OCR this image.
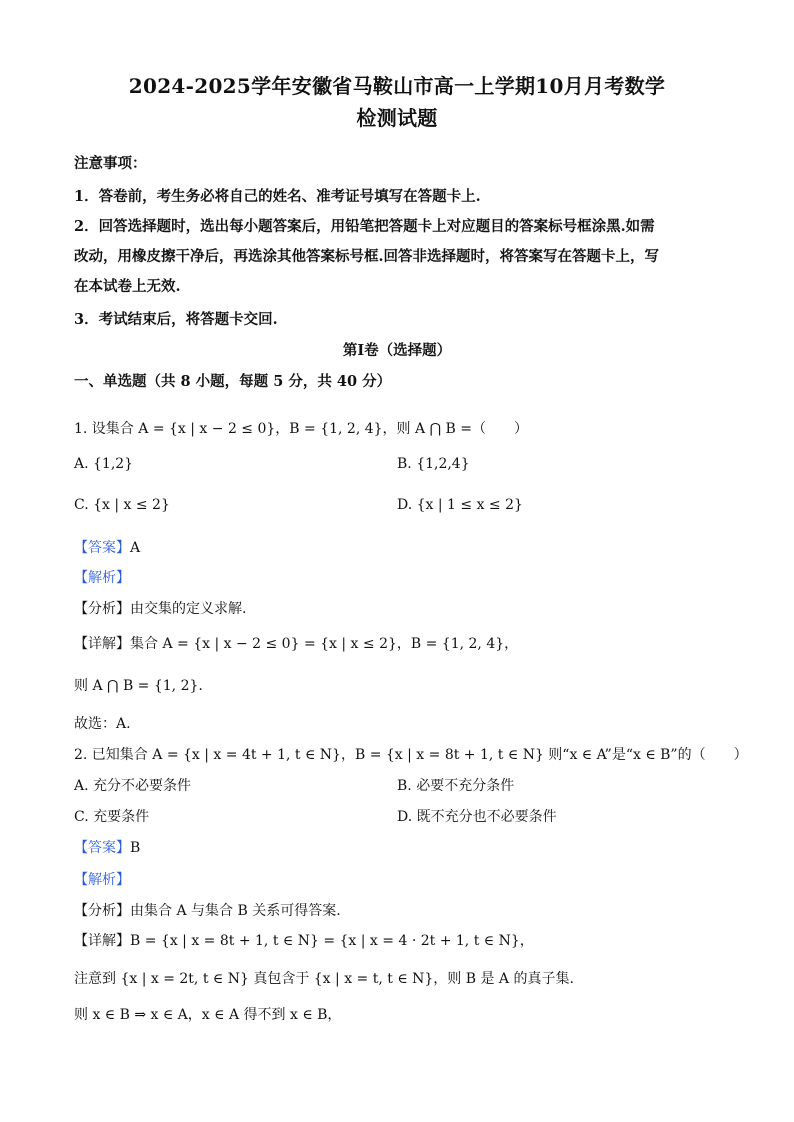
2024-2025学年安徽省马鞍山市高一上学期10月月考数学
检测试题
注意事项：
1．答卷前，考生务必将自己的姓名、准考证号填写在答题卡上.
2．回答选择题时，选出每小题答案后，用铅笔把答题卡上对应题目的答案标号框涂黑.如需
改动，用橡皮擦干净后，再选涂其他答案标号框.回答非选择题时，将答案写在答题卡上，写
在本试卷上无效.
3．考试结束后，将答题卡交回.
第I卷（选择题）
一、单选题（共 8 小题，每题 5 分，共 40 分）
1. 设集合 A = {x | x − 2 ≤ 0}，B = {1, 2, 4}，则 A ⋂ B =（　　）
A. {1,2}	B. {1,2,4}
C. {x | x ≤ 2}	D. {x | 1 ≤ x ≤ 2}
【答案】A
【解析】
【分析】由交集的定义求解.
【详解】集合 A = {x | x − 2 ≤ 0} = {x | x ≤ 2}，B = {1, 2, 4}，
则 A ⋂ B = {1, 2}.
故选：A.
2. 已知集合 A = {x | x = 4t + 1, t ∈ N}，B = {x | x = 8t + 1, t ∈ N} 则“x ∈ A”是“x ∈ B”的（　　）
A. 充分不必要条件	B. 必要不充分条件
C. 充要条件	D. 既不充分也不必要条件
【答案】B
【解析】
【分析】由集合 A 与集合 B 关系可得答案.
【详解】B = {x | x = 8t + 1, t ∈ N} = {x | x = 4 · 2t + 1, t ∈ N}，
注意到 {x | x = 2t, t ∈ N} 真包含于 {x | x = t, t ∈ N}，则 B 是 A 的真子集.
则 x ∈ B ⇒ x ∈ A，x ∈ A 得不到 x ∈ B，
